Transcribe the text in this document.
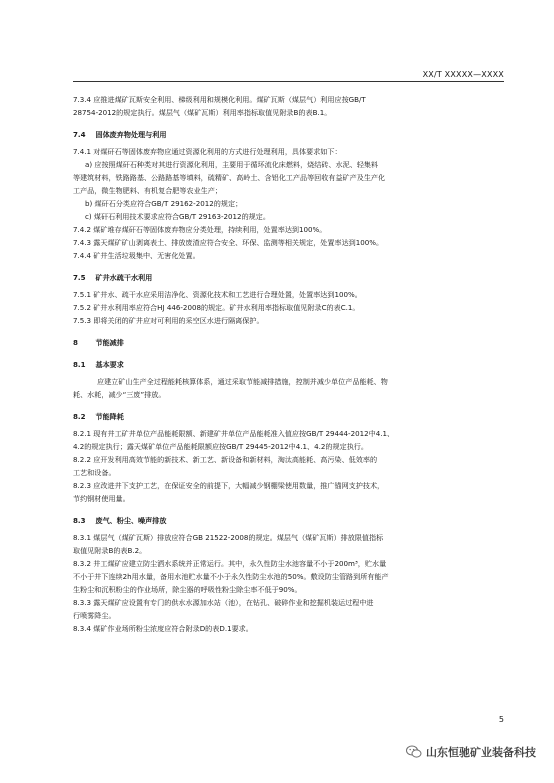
XX/T XXXXX—XXXX
7.3.4 应推进煤矿瓦斯安全利用、梯级利用和规模化利用。煤矿瓦斯（煤层气）利用应按GB/T
28754-2012的规定执行。煤层气（煤矿瓦斯）利用率指标取值见附录B的表B.1。
7.4 固体废弃物处理与利用
7.4.1 对煤矸石等固体废弃物应通过资源化利用的方式进行处理利用，具体要求如下：
a) 应按照煤矸石种类对其进行资源化利用，主要用于循环流化床燃料，烧结砖、水泥、轻集料
等建筑材料，铁路路基、公路路基等填料，硫精矿、高岭土、含铝化工产品等回收有益矿产及生产化
工产品，微生物肥料、有机复合肥等农业生产；
b) 煤矸石分类应符合GB/T 29162-2012的规定；
c) 煤矸石利用技术要求应符合GB/T 29163-2012的规定。
7.4.2 煤矿堆存煤矸石等固体废弃物应分类处理，持续利用，处置率达到100%。
7.4.3 露天煤矿矿山剥离表土、排放废渣应符合安全、环保、监测等相关规定，处置率达到100%。
7.4.4 矿井生活垃圾集中、无害化处置。
7.5 矿井水疏干水利用
7.5.1 矿井水、疏干水应采用洁净化、资源化技术和工艺进行合理处置，处置率达到100%。
7.5.2 矿井水利用率应符合HJ 446-2008的规定。矿井水利用率指标取值见附录C的表C.1。
7.5.3 即将关闭的矿井应对可利用的采空区水进行隔离保护。
8 节能减排
8.1 基本要求
应建立矿山生产全过程能耗核算体系，通过采取节能减排措施，控制并减少单位产品能耗、物
耗、水耗，减少“三废”排放。
8.2 节能降耗
8.2.1 现有井工矿井单位产品能耗限额、新建矿井单位产品能耗准入值应按GB/T 29444-2012中4.1、
4.2的规定执行；露天煤矿单位产品能耗限额应按GB/T 29445-2012中4.1、4.2的规定执行。
8.2.2 应开发利用高效节能的新技术、新工艺、新设备和新材料，淘汰高能耗、高污染、低效率的
工艺和设备。
8.2.3 应改进井下支护工艺，在保证安全的前提下，大幅减少钢棚梁使用数量，推广锚网支护技术，
节约钢材使用量。
8.3 废气、粉尘、噪声排放
8.3.1 煤层气（煤矿瓦斯）排放应符合GB 21522-2008的规定。煤层气（煤矿瓦斯）排放限值指标
取值见附录B的表B.2。
8.3.2 井工煤矿应建立防尘洒水系统并正常运行。其中，永久性防尘水池容量不小于200m³，贮水量
不小于井下连续2h用水量，备用水池贮水量不小于永久性防尘水池的50%。敷设防尘管路到所有能产
生粉尘和沉积粉尘的作业场所，除尘器的呼吸性粉尘除尘率不低于90%。
8.3.3 露天煤矿应设置有专门的供水水源加水站（池），在钻孔、破碎作业和挖掘机装运过程中进
行喷雾降尘。
8.3.4 煤矿作业场所粉尘浓度应符合附录D的表D.1要求。
5
山东恒驰矿业装备科技
